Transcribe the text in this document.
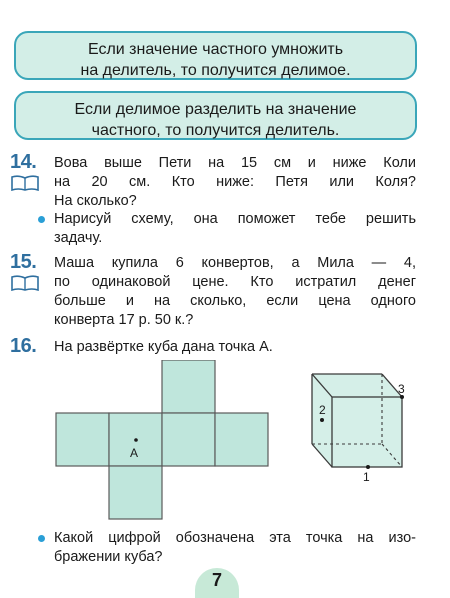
Если значение частного умножить
на делитель, то получится делимое.
Если делимое разделить на значение
частного, то получится делитель.
14. Вова выше Пети на 15 см и ниже Коли
на 20 см. Кто ниже: Петя или Коля?
На сколько?
Нарисуй схему, она поможет тебе решить
задачу.
15. Маша купила 6 конвертов, а Мила — 4,
по одинаковой цене. Кто истратил денег
больше и на сколько, если цена одного
конверта 17 р. 50 к.?
16. На развёртке куба дана точка А.
A
1
2
3
Какой цифрой обозначена эта точка на изо-
бражении куба?
7
